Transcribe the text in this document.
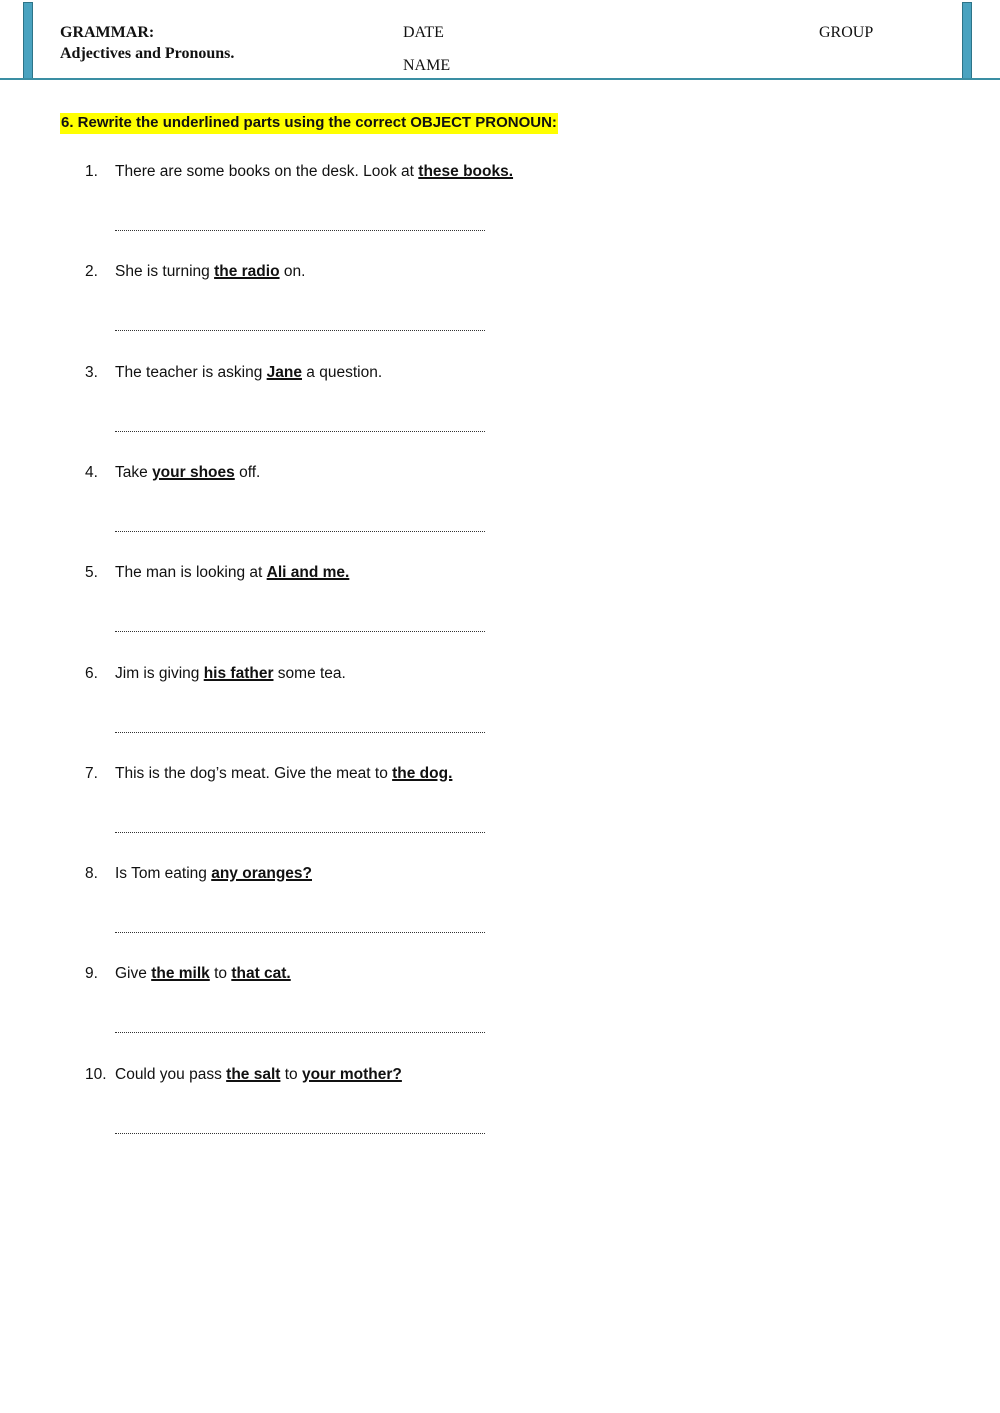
GRAMMAR:
Adjectives and Pronouns.
DATE
NAME
GROUP
6. Rewrite the underlined parts using the correct OBJECT PRONOUN:
1. There are some books on the desk. Look at these books.
2. She is turning the radio on.
3. The teacher is asking Jane a question.
4. Take your shoes off.
5. The man is looking at Ali and me.
6. Jim is giving his father some tea.
7. This is the dog’s meat. Give the meat to the dog.
8. Is Tom eating any oranges?
9. Give the milk to that cat.
10. Could you pass the salt to your mother?
